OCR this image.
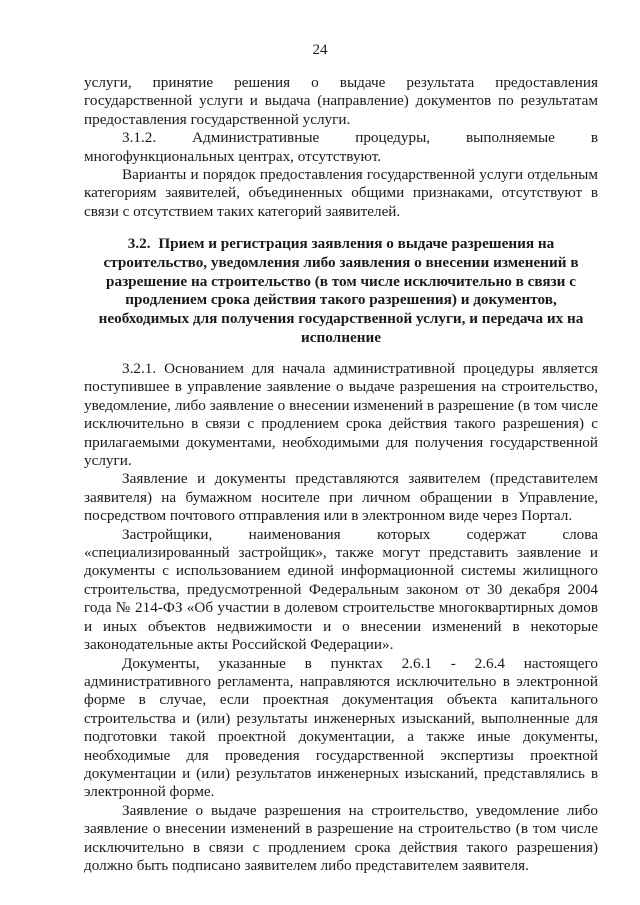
24

услуги, принятие решения о выдаче результата предоставления государственной услуги и выдача (направление) документов по результатам предоставления государственной услуги.

3.1.2. Административные процедуры, выполняемые в многофункциональных центрах, отсутствуют.

Варианты и порядок предоставления государственной услуги отдельным категориям заявителей, объединенных общими признаками, отсутствуют в связи с отсутствием таких категорий заявителей.

3.2. Прием и регистрация заявления о выдаче разрешения на строительство, уведомления либо заявления о внесении изменений в разрешение на строительство (в том числе исключительно в связи с продлением срока действия такого разрешения) и документов, необходимых для получения государственной услуги, и передача их на исполнение

3.2.1. Основанием для начала административной процедуры является поступившее в управление заявление о выдаче разрешения на строительство, уведомление, либо заявление о внесении изменений в разрешение (в том числе исключительно в связи с продлением срока действия такого разрешения) с прилагаемыми документами, необходимыми для получения государственной услуги.

Заявление и документы представляются заявителем (представителем заявителя) на бумажном носителе при личном обращении в Управление, посредством почтового отправления или в электронном виде через Портал.

Застройщики, наименования которых содержат слова «специализированный застройщик», также могут представить заявление и документы с использованием единой информационной системы жилищного строительства, предусмотренной Федеральным законом от 30 декабря 2004 года № 214-ФЗ «Об участии в долевом строительстве многоквартирных домов и иных объектов недвижимости и о внесении изменений в некоторые законодательные акты Российской Федерации».

Документы, указанные в пунктах 2.6.1 - 2.6.4 настоящего административного регламента, направляются исключительно в электронной форме в случае, если проектная документация объекта капитального строительства и (или) результаты инженерных изысканий, выполненные для подготовки такой проектной документации, а также иные документы, необходимые для проведения государственной экспертизы проектной документации и (или) результатов инженерных изысканий, представлялись в электронной форме.

Заявление о выдаче разрешения на строительство, уведомление либо заявление о внесении изменений в разрешение на строительство (в том числе исключительно в связи с продлением срока действия такого разрешения) должно быть подписано заявителем либо представителем заявителя.
